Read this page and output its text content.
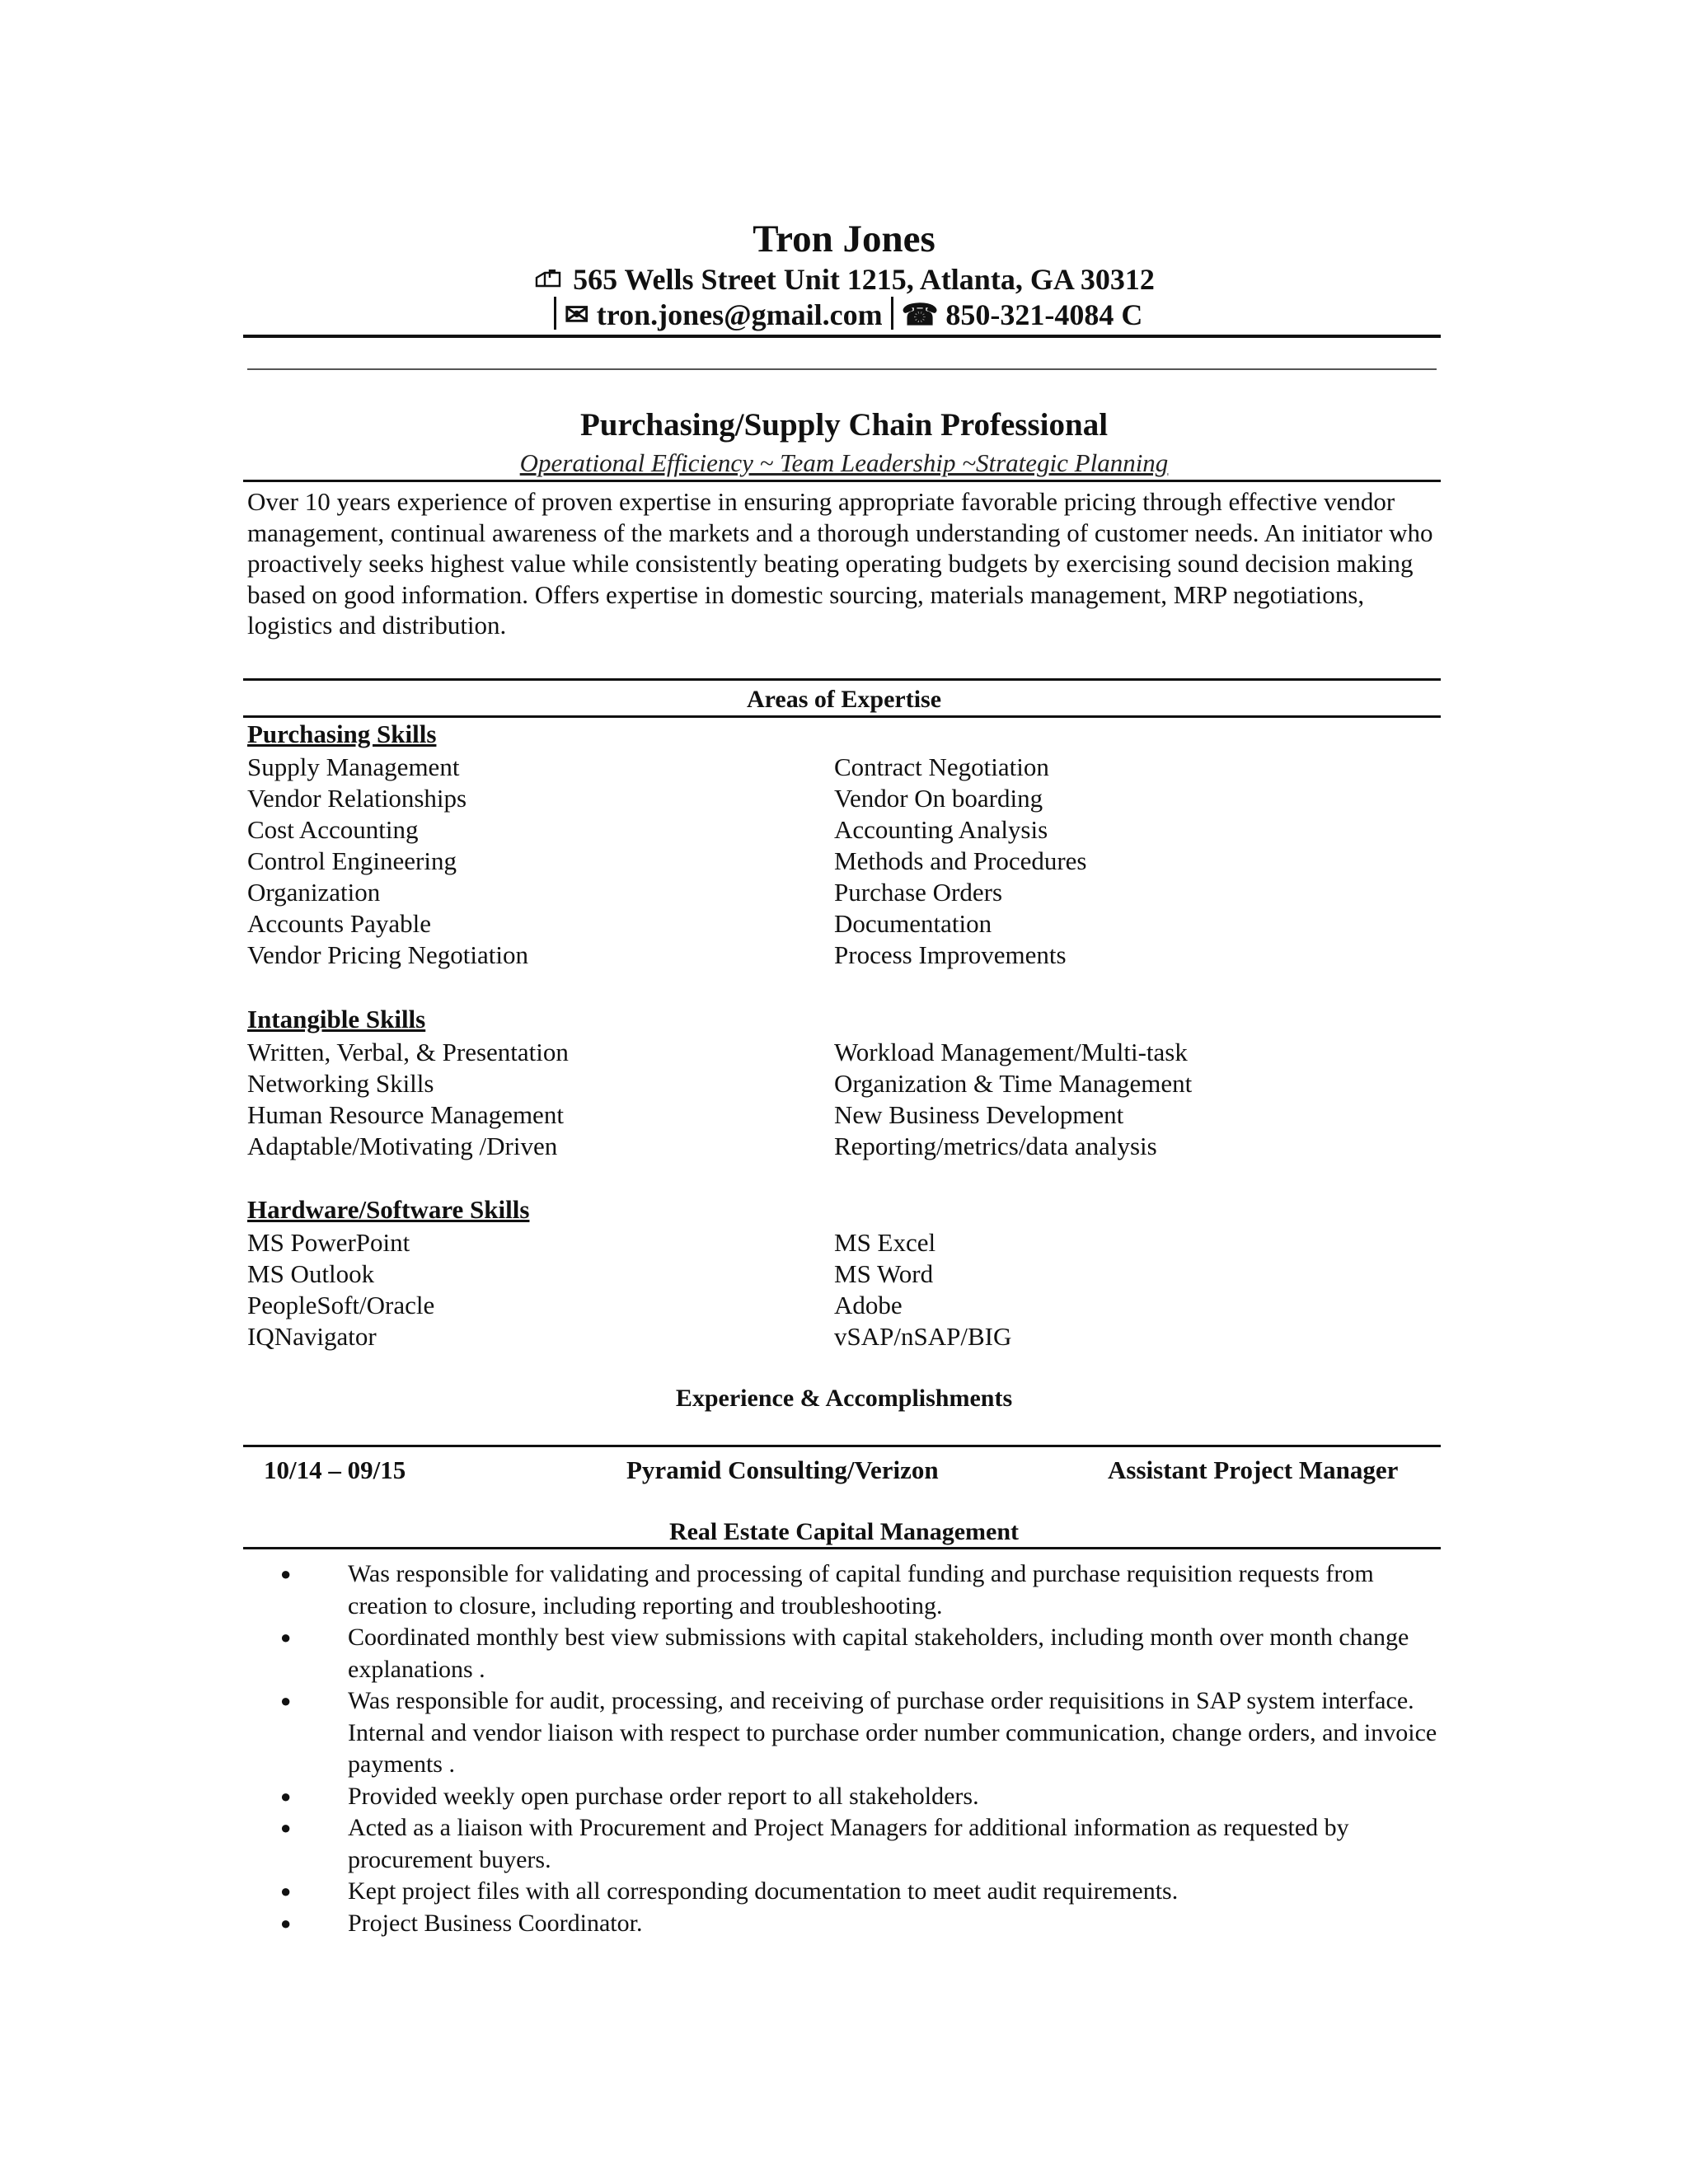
Tron Jones
565 Wells Street Unit 1215, Atlanta, GA 30312
✉ tron.jones@gmail.com ☎ 850-321-4084 C
Purchasing/Supply Chain Professional
Operational Efficiency ~ Team Leadership ~Strategic Planning
Over 10 years experience of proven expertise in ensuring appropriate favorable pricing through effective vendor management, continual awareness of the markets and a thorough understanding of customer needs. An initiator who proactively seeks highest value while consistently beating operating budgets by exercising sound decision making based on good information. Offers expertise in domestic sourcing, materials management, MRP negotiations, logistics and distribution.
Areas of Expertise
Purchasing Skills
Supply Management
Vendor Relationships
Cost Accounting
Control Engineering
Organization
Accounts Payable
Vendor Pricing Negotiation
Contract Negotiation
Vendor On boarding
Accounting Analysis
Methods and Procedures
Purchase Orders
Documentation
Process Improvements
Intangible Skills
Written, Verbal, & Presentation
Networking Skills
Human Resource Management
Adaptable/Motivating /Driven
Workload Management/Multi-task
Organization & Time Management
New Business Development
Reporting/metrics/data analysis
Hardware/Software Skills
MS PowerPoint
MS Outlook
PeopleSoft/Oracle
IQNavigator
MS Excel
MS Word
Adobe
vSAP/nSAP/BIG
Experience & Accomplishments
10/14 – 09/15	Pyramid Consulting/Verizon	Assistant Project Manager
Real Estate Capital Management
● Was responsible for validating and processing of capital funding and purchase requisition requests from creation to closure, including reporting and troubleshooting.
● Coordinated monthly best view submissions with capital stakeholders, including month over month change explanations .
● Was responsible for audit, processing, and receiving of purchase order requisitions in SAP system interface. Internal and vendor liaison with respect to purchase order number communication, change orders, and invoice payments .
● Provided weekly open purchase order report to all stakeholders.
● Acted as a liaison with Procurement and Project Managers for additional information as requested by procurement buyers.
● Kept project files with all corresponding documentation to meet audit requirements.
● Project Business Coordinator.
